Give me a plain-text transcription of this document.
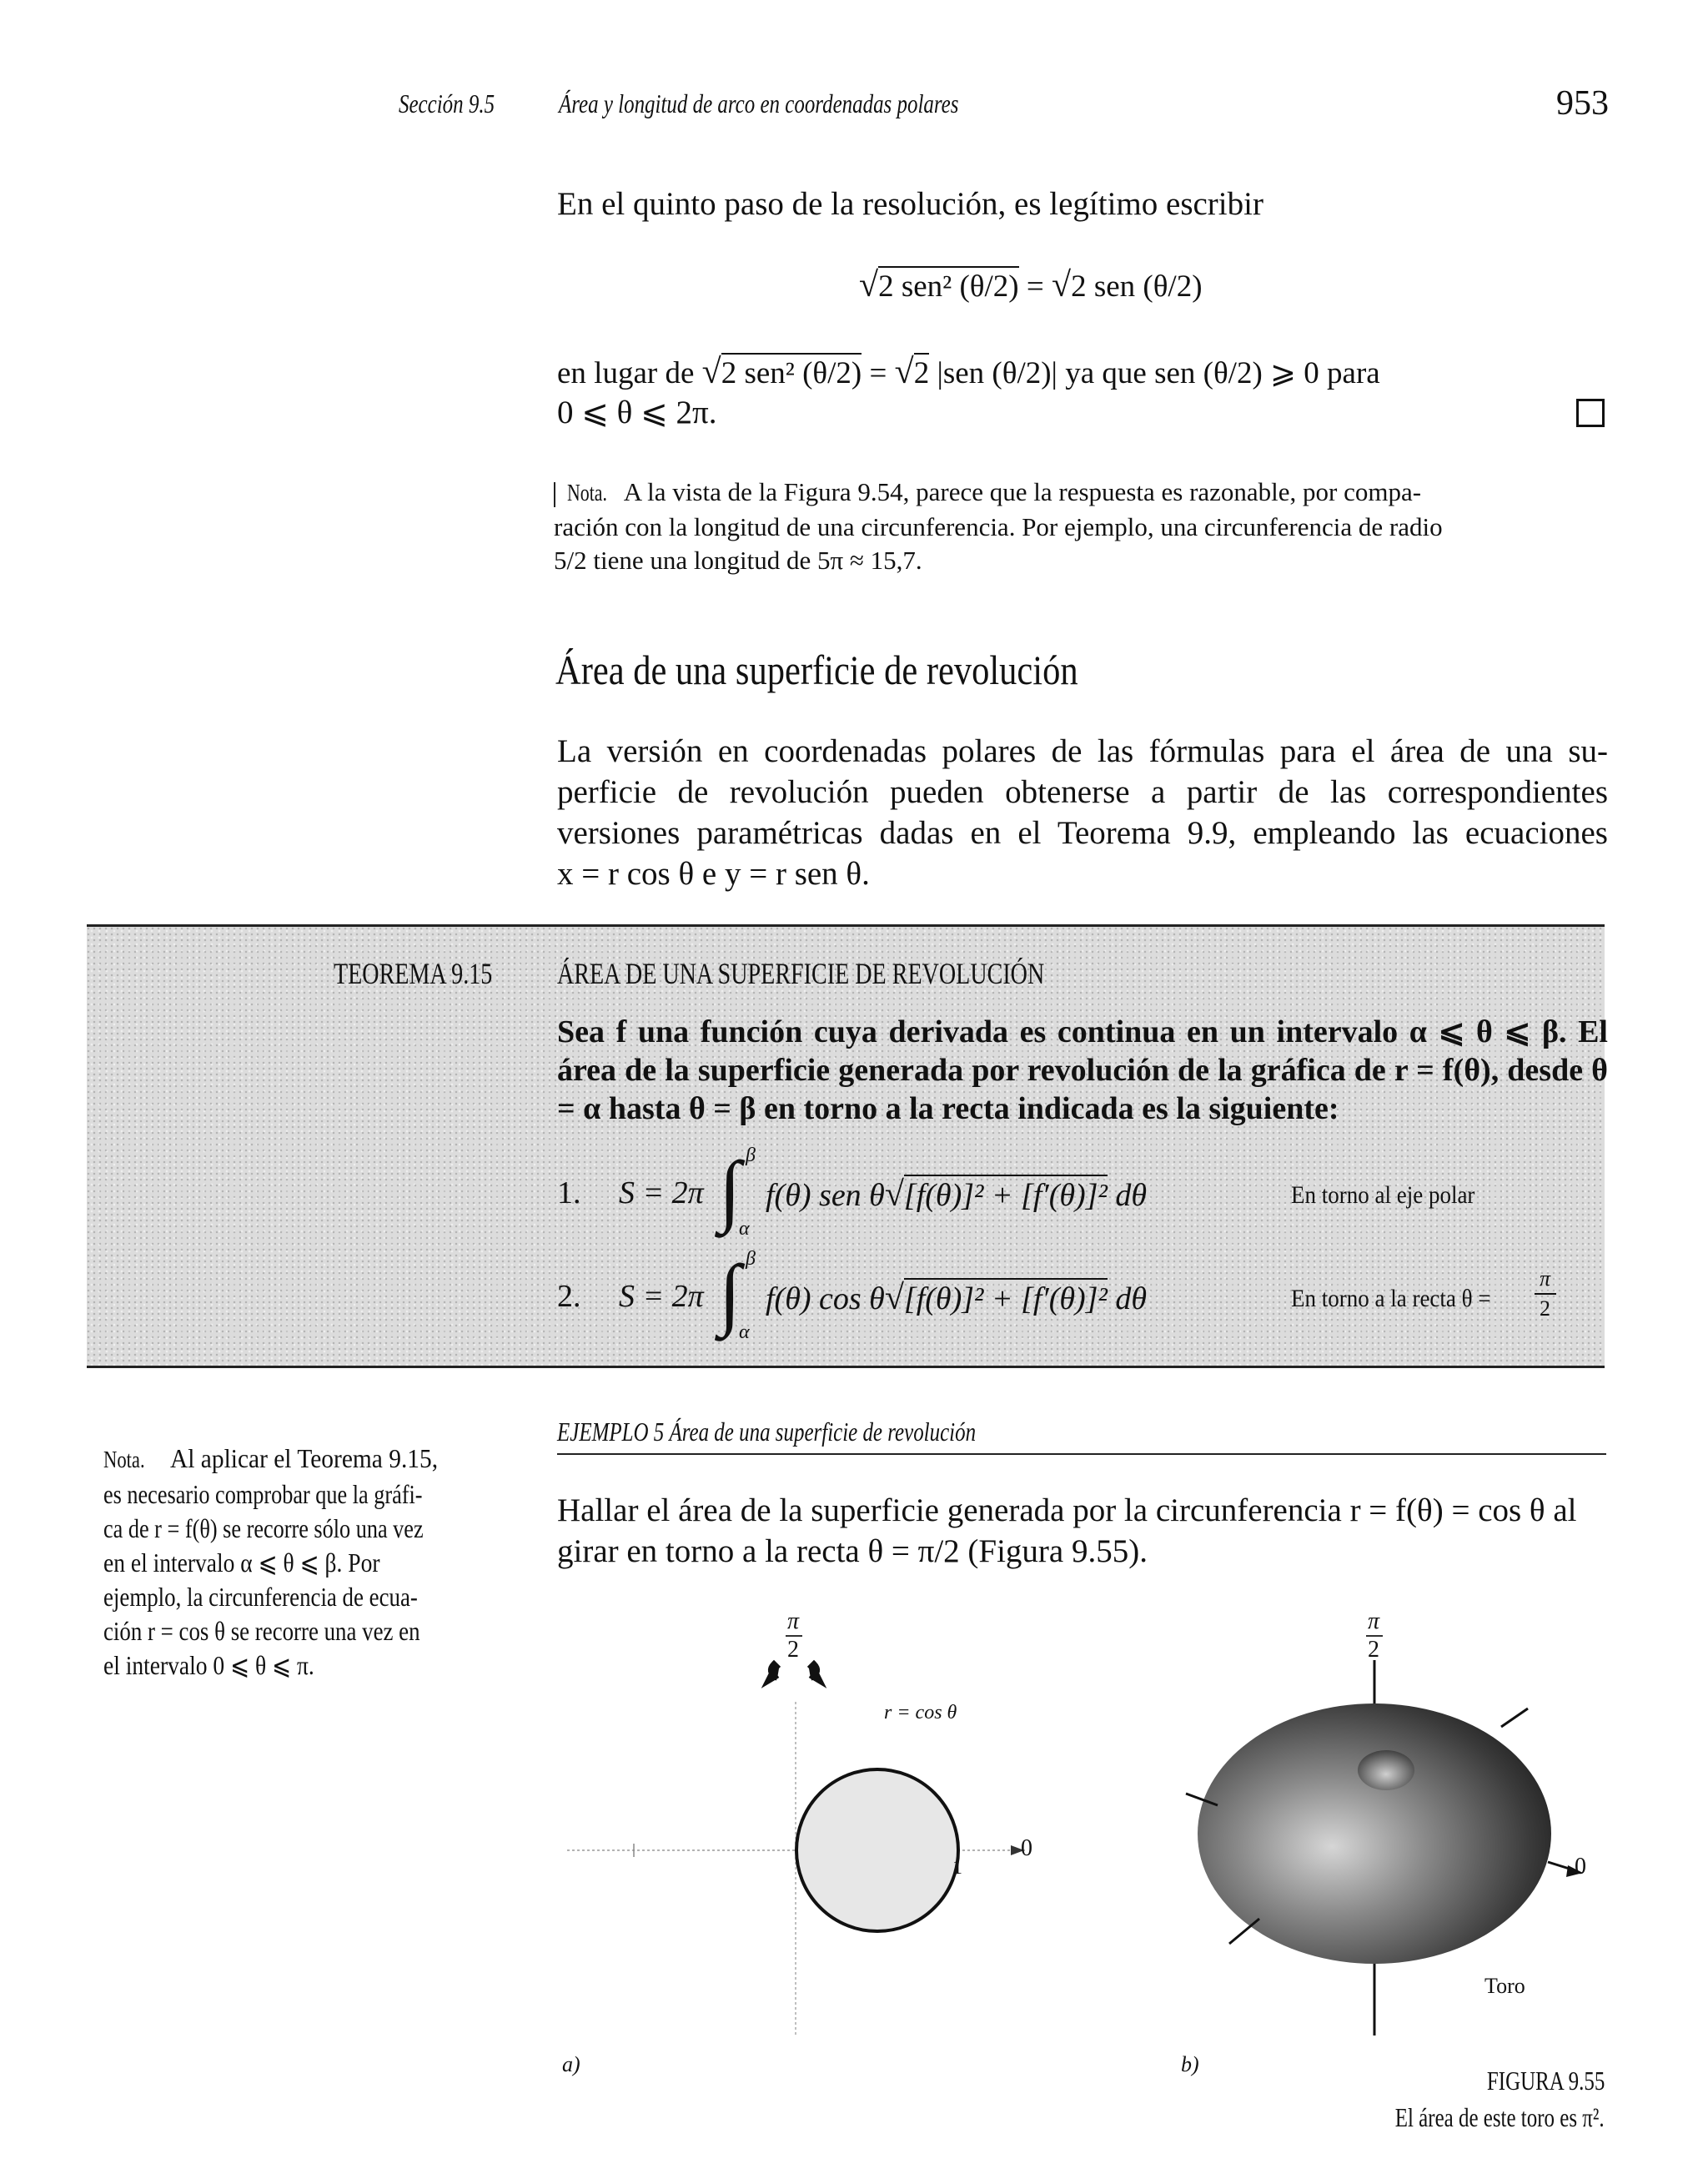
Sección 9.5	Área y longitud de arco en coordenadas polares	953
En el quinto paso de la resolución, es legítimo escribir
√2 sen² (θ/2) = √2 sen (θ/2)
en lugar de √2 sen² (θ/2) = √2 |sen (θ/2)| ya que sen (θ/2) ⩾ 0 para
0 ⩽ θ ⩽ 2π.
Nota. A la vista de la Figura 9.54, parece que la respuesta es razonable, por compa-
ración con la longitud de una circunferencia. Por ejemplo, una circunferencia de radio
5/2 tiene una longitud de 5π ≈ 15,7.
Área de una superficie de revolución
La versión en coordenadas polares de las fórmulas para el área de una su-
perficie de revolución pueden obtenerse a partir de las correspondientes
versiones paramétricas dadas en el Teorema 9.9, empleando las ecuaciones
x = r cos θ e y = r sen θ.
TEOREMA 9.15	ÁREA DE UNA SUPERFICIE DE REVOLUCIÓN
Sea f una función cuya derivada es continua en un intervalo α ⩽ θ ⩽ β. El
área de la superficie generada por revolución de la gráfica de r = f(θ), desde θ
= α hasta θ = β en torno a la recta indicada es la siguiente:
1. S = 2π ∫ β
α
f(θ) sen θ√[f(θ)]² + [f′(θ)]² dθ	En torno al eje polar
2. S = 2π ∫ β
α
f(θ) cos θ√[f(θ)]² + [f′(θ)]² dθ	En torno a la recta θ =
π
2
Nota. Al aplicar el Teorema 9.15,
es necesario comprobar que la gráfi-
ca de r = f(θ) se recorre sólo una vez
en el intervalo α ⩽ θ ⩽ β. Por
ejemplo, la circunferencia de ecua-
ción r = cos θ se recorre una vez en
el intervalo 0 ⩽ θ ⩽ π.
EJEMPLO 5 Área de una superficie de revolución
Hallar el área de la superficie generada por la circunferencia r = f(θ) = cos θ al
girar en torno a la recta θ = π/2 (Figura 9.55).
π
2
r = cos θ
0
1
a)
π
2
0
Toro
b)
FIGURA 9.55
El área de este toro es π².
